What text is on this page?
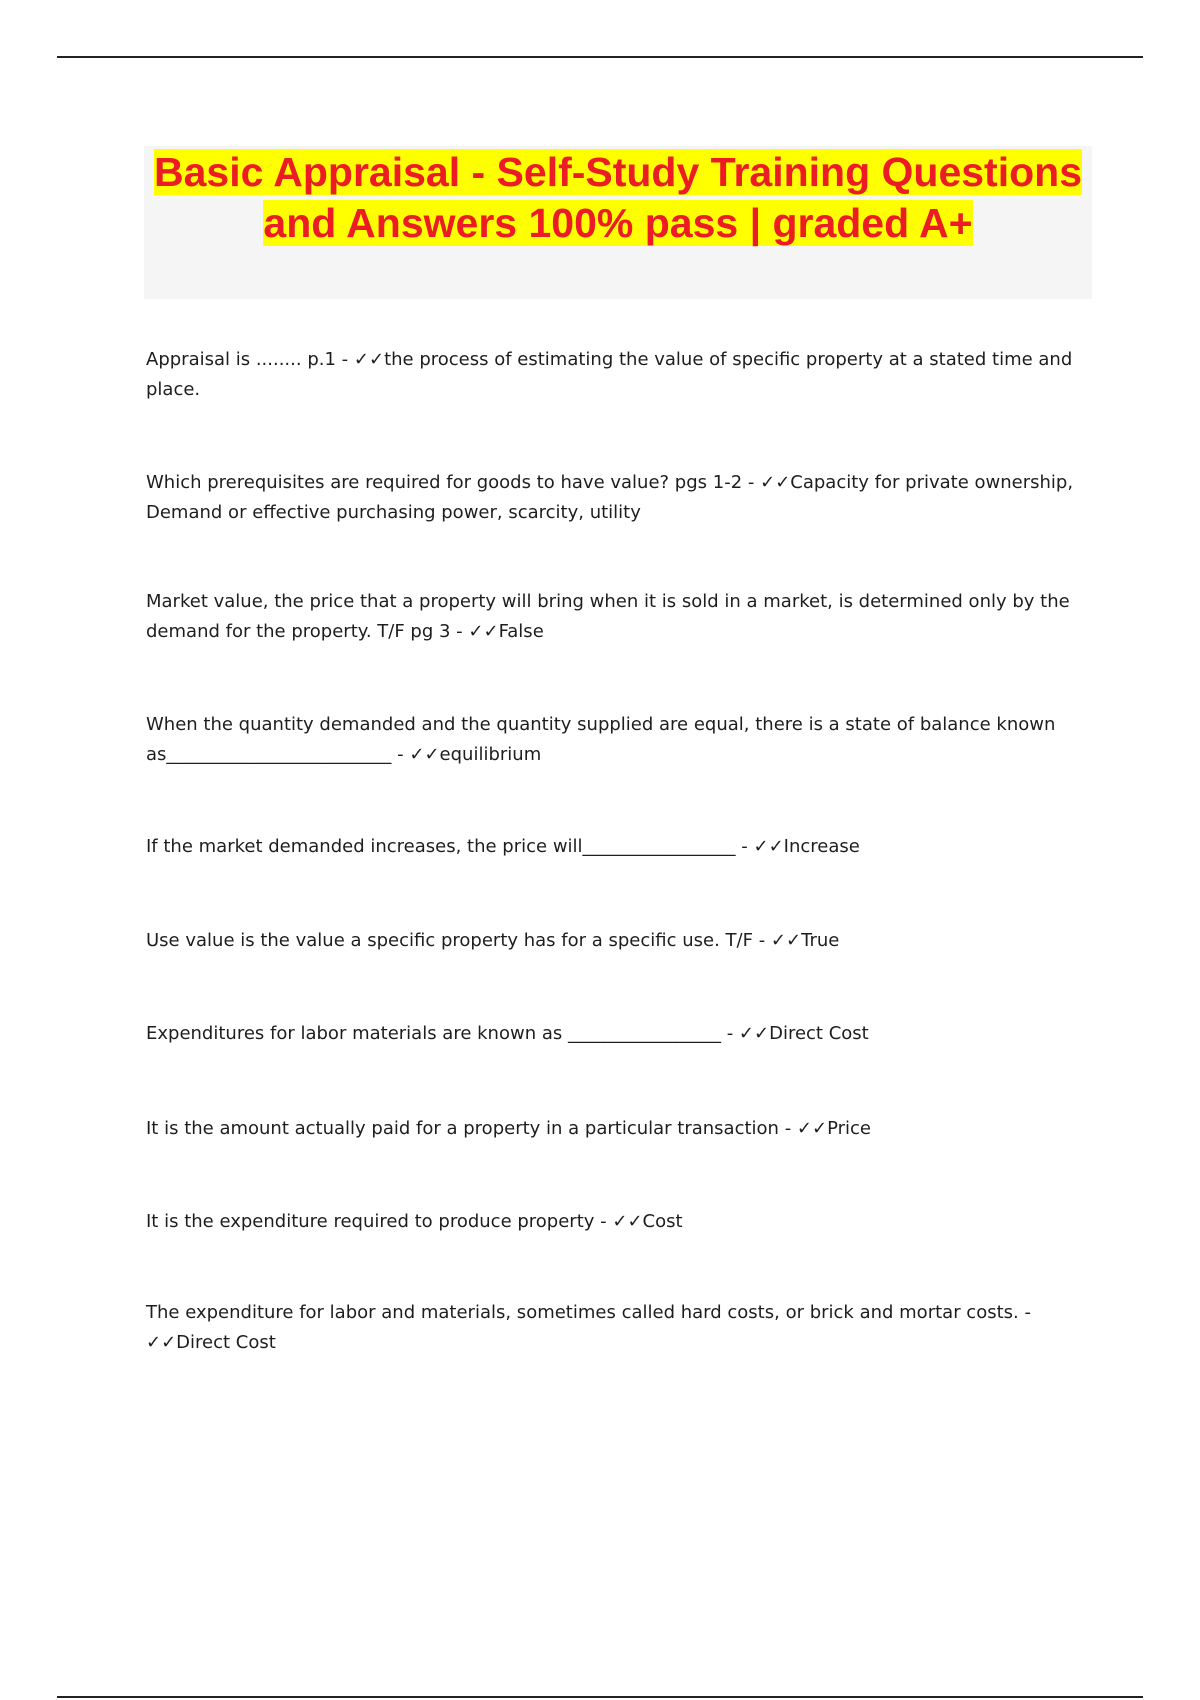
Basic Appraisal - Self-Study Training Questions and Answers 100% pass | graded A+

Appraisal is ........ p.1 - ✓✓the process of estimating the value of specific property at a stated time and place.

Which prerequisites are required for goods to have value? pgs 1-2 - ✓✓Capacity for private ownership, Demand or effective purchasing power, scarcity, utility

Market value, the price that a property will bring when it is sold in a market, is determined only by the demand for the property. T/F pg 3 - ✓✓False

When the quantity demanded and the quantity supplied are equal, there is a state of balance known as_________________________ - ✓✓equilibrium

If the market demanded increases, the price will_________________ - ✓✓Increase

Use value is the value a specific property has for a specific use. T/F - ✓✓True

Expenditures for labor materials are known as _________________ - ✓✓Direct Cost

It is the amount actually paid for a property in a particular transaction - ✓✓Price

It is the expenditure required to produce property - ✓✓Cost

The expenditure for labor and materials, sometimes called hard costs, or brick and mortar costs. -
✓✓Direct Cost
